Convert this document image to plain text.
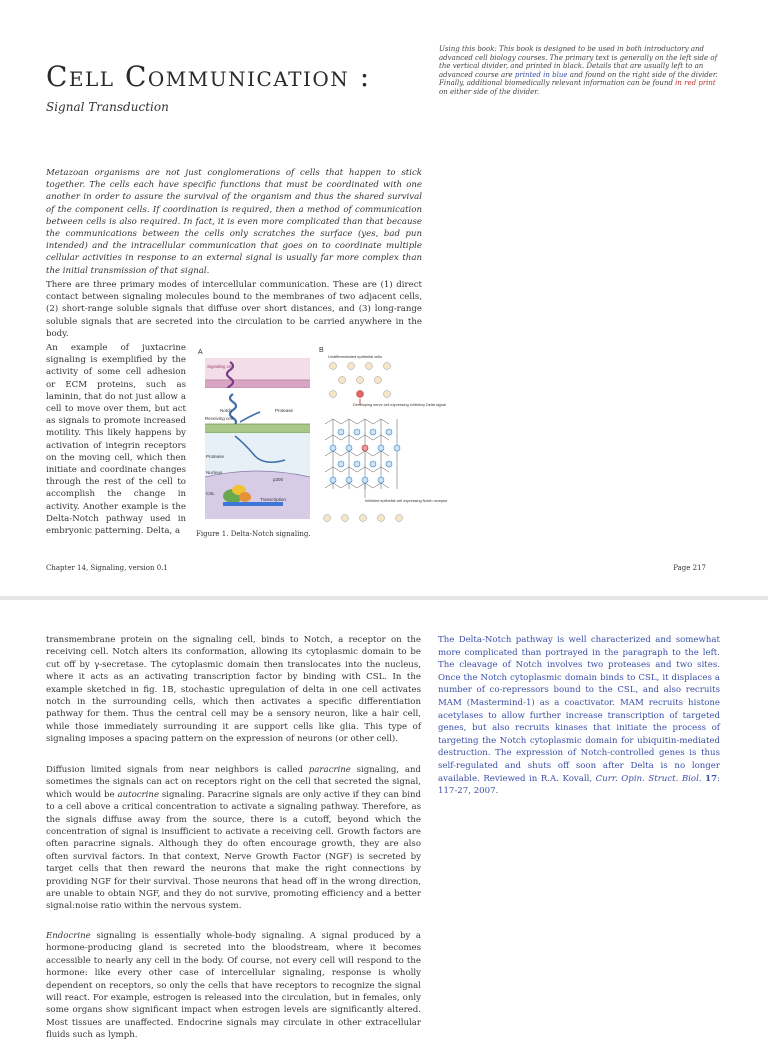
Cell Communication :
Signal Transduction
Using this book: This book is designed to be used in both introductory and advanced cell biology courses. The primary text is generally on the left side of the vertical divider, and printed in black. Details that are usually left to an advanced course are printed in blue and found on the right side of the divider. Finally, additional biomedically relevant information can be found in red print on either side of the divider.

Metazoan organisms are not just conglomerations of cells that happen to stick together. The cells each have specific functions that must be coordinated with one another in order to assure the survival of the organism and thus the shared survival of the component cells. If coordination is required, then a method of communication between cells is also required. In fact, it is even more complicated than that because the communications between the cells only scratches the surface (yes, bad pun intended) and the intracellular communication that goes on to coordinate multiple cellular activities in response to an external signal is usually far more complex than the initial transmission of that signal.

There are three primary modes of intercellular communication. These are (1) direct contact between signaling molecules bound to the membranes of two adjacent cells, (2) short-range soluble signals that diffuse over short distances, and (3) long-range soluble signals that are secreted into the circulation to be carried anywhere in the body.

An example of juxtacrine signaling is exemplified by the activity of some cell adhesion or ECM proteins, such as laminin, that do not just allow a cell to move over them, but act as signals to promote increased motility. This likely happens by activation of integrin receptors on the moving cell, which then initiate and coordinate changes through the rest of the cell to accomplish the change in activity. Another example is the Delta-Notch pathway used in embryonic patterning. Delta, a

A
Signaling cell
Notch	Protease
Receiving cell
Protease
Nucleus
p300
CSL
Transcription
B
Undifferentiated epithelial cells
Developing nerve cell expressing inhibitory Delta signal
Inhibited epithelial cell expressing Notch receptor
Figure 1. Delta-Notch signaling.
Chapter 14, Signaling, version 0.1	Page 217

transmembrane protein on the signaling cell, binds to Notch, a receptor on the receiving cell. Notch alters its conformation, allowing its cytoplasmic domain to be cut off by γ-secretase. The cytoplasmic domain then translocates into the nucleus, where it acts as an activating transcription factor by binding with CSL. In the example sketched in fig. 1B, stochastic upregulation of delta in one cell activates notch in the surrounding cells, which then activates a specific differentiation pathway for them. Thus the central cell may be a sensory neuron, like a hair cell, while those immediately surrounding it are support cells like glia. This type of signaling imposes a spacing pattern on the expression of neurons (or other cell).

Diffusion limited signals from near neighbors is called paracrine signaling, and sometimes the signals can act on receptors right on the cell that secreted the signal, which would be autocrine signaling. Paracrine signals are only active if they can bind to a cell above a critical concentration to activate a signaling pathway. Therefore, as the signals diffuse away from the source, there is a cutoff, beyond which the concentration of signal is insufficient to activate a receiving cell. Growth factors are often paracrine signals. Although they do often encourage growth, they are also often survival factors. In that context, Nerve Growth Factor (NGF) is secreted by target cells that then reward the neurons that make the right connections by providing NGF for their survival. Those neurons that head off in the wrong direction, are unable to obtain NGF, and they do not survive, promoting efficiency and a better signal:noise ratio within the nervous system.

Endocrine signaling is essentially whole-body signaling. A signal produced by a hormone-producing gland is secreted into the bloodstream, where it becomes accessible to nearly any cell in the body. Of course, not every cell will respond to the hormone: like every other case of intercellular signaling, response is wholly dependent on receptors, so only the cells that have receptors to recognize the signal will react. For example, estrogen is released into the circulation, but in females, only some organs show significant impact when estrogen levels are significantly altered. Most tissues are unaffected. Endocrine signals may circulate in other extracellular fluids such as lymph.

The Delta-Notch pathway is well characterized and somewhat more complicated than portrayed in the paragraph to the left. The cleavage of Notch involves two proteases and two sites. Once the Notch cytoplasmic domain binds to CSL, it displaces a number of co-repressors bound to the CSL, and also recruits MAM (Mastermind-1) as a coactivator. MAM recruits histone acetylases to allow further increase transcription of targeted genes, but also recruits kinases that initiate the process of targeting the Notch cytoplasmic domain for ubiquitin-mediated destruction. The expression of Notch-controlled genes is thus self-regulated and shuts off soon after Delta is no longer available. Reviewed in R.A. Kovall, Curr. Opin. Struct. Biol. 17: 117-27, 2007.
